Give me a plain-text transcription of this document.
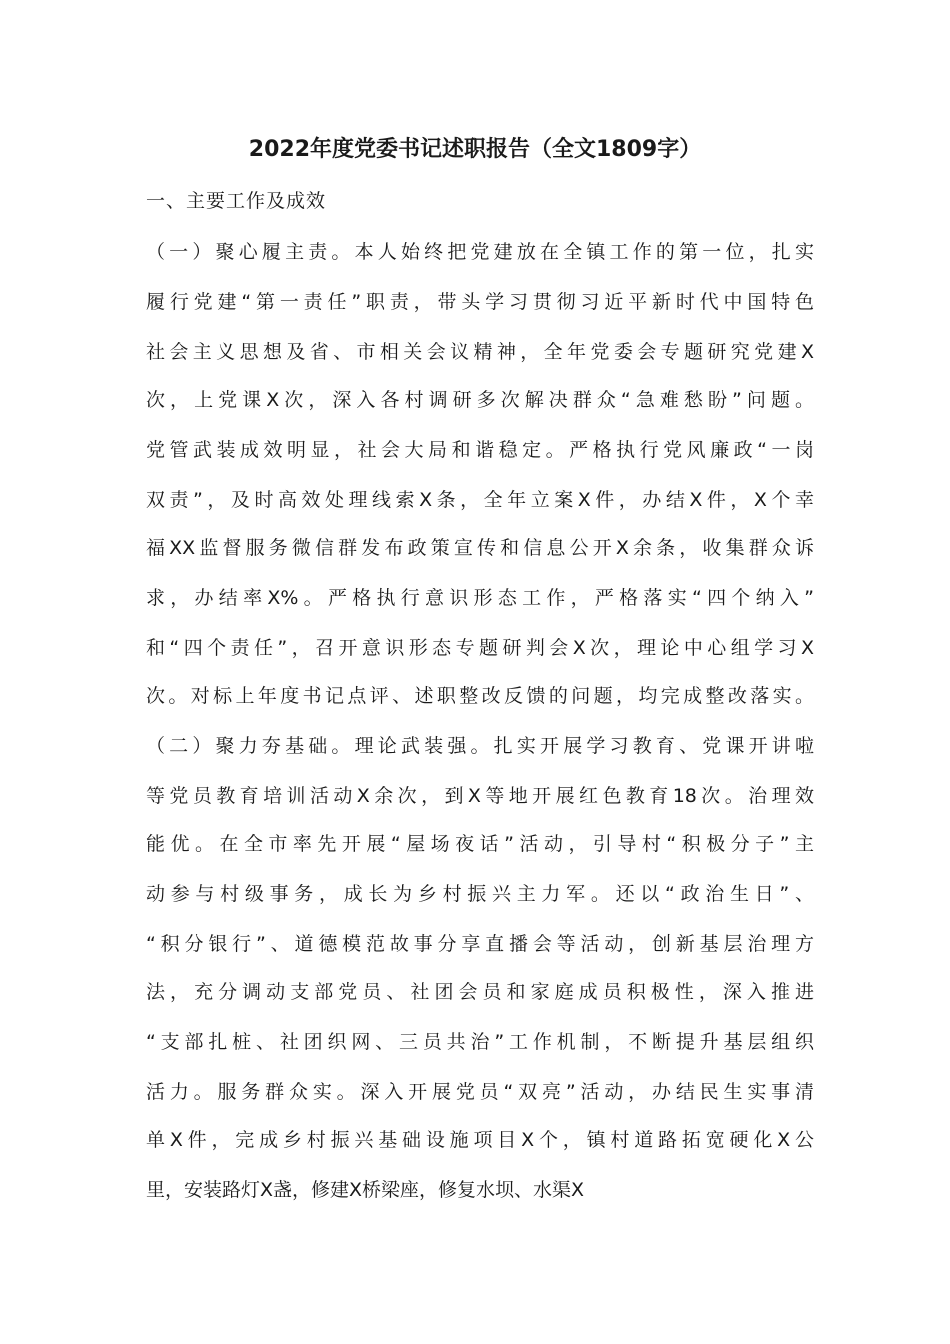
2022年度党委书记述职报告（全文1809字）
一、主要工作及成效
（一）聚心履主责。本人始终把党建放在全镇工作的第一位，扎实
履行党建“第一责任”职责，带头学习贯彻习近平新时代中国特色
社会主义思想及省、市相关会议精神，全年党委会专题研究党建X
次，上党课X次，深入各村调研多次解决群众“急难愁盼”问题。
党管武装成效明显，社会大局和谐稳定。严格执行党风廉政“一岗
双责”，及时高效处理线索X条，全年立案X件，办结X件，X个幸
福XX监督服务微信群发布政策宣传和信息公开X余条，收集群众诉
求，办结率X%。严格执行意识形态工作，严格落实“四个纳入”
和“四个责任”，召开意识形态专题研判会X次，理论中心组学习X
次。对标上年度书记点评、述职整改反馈的问题，均完成整改落实。
（二）聚力夯基础。理论武装强。扎实开展学习教育、党课开讲啦
等党员教育培训活动X余次，到X等地开展红色教育18次。治理效
能优。在全市率先开展“屋场夜话”活动，引导村“积极分子”主
动参与村级事务，成长为乡村振兴主力军。还以“政治生日”、
“积分银行”、道德模范故事分享直播会等活动，创新基层治理方
法，充分调动支部党员、社团会员和家庭成员积极性，深入推进
“支部扎桩、社团织网、三员共治”工作机制，不断提升基层组织
活力。服务群众实。深入开展党员“双亮”活动，办结民生实事清
单X件，完成乡村振兴基础设施项目X个，镇村道路拓宽硬化X公
里，安装路灯X盏，修建X桥梁座，修复水坝、水渠X
